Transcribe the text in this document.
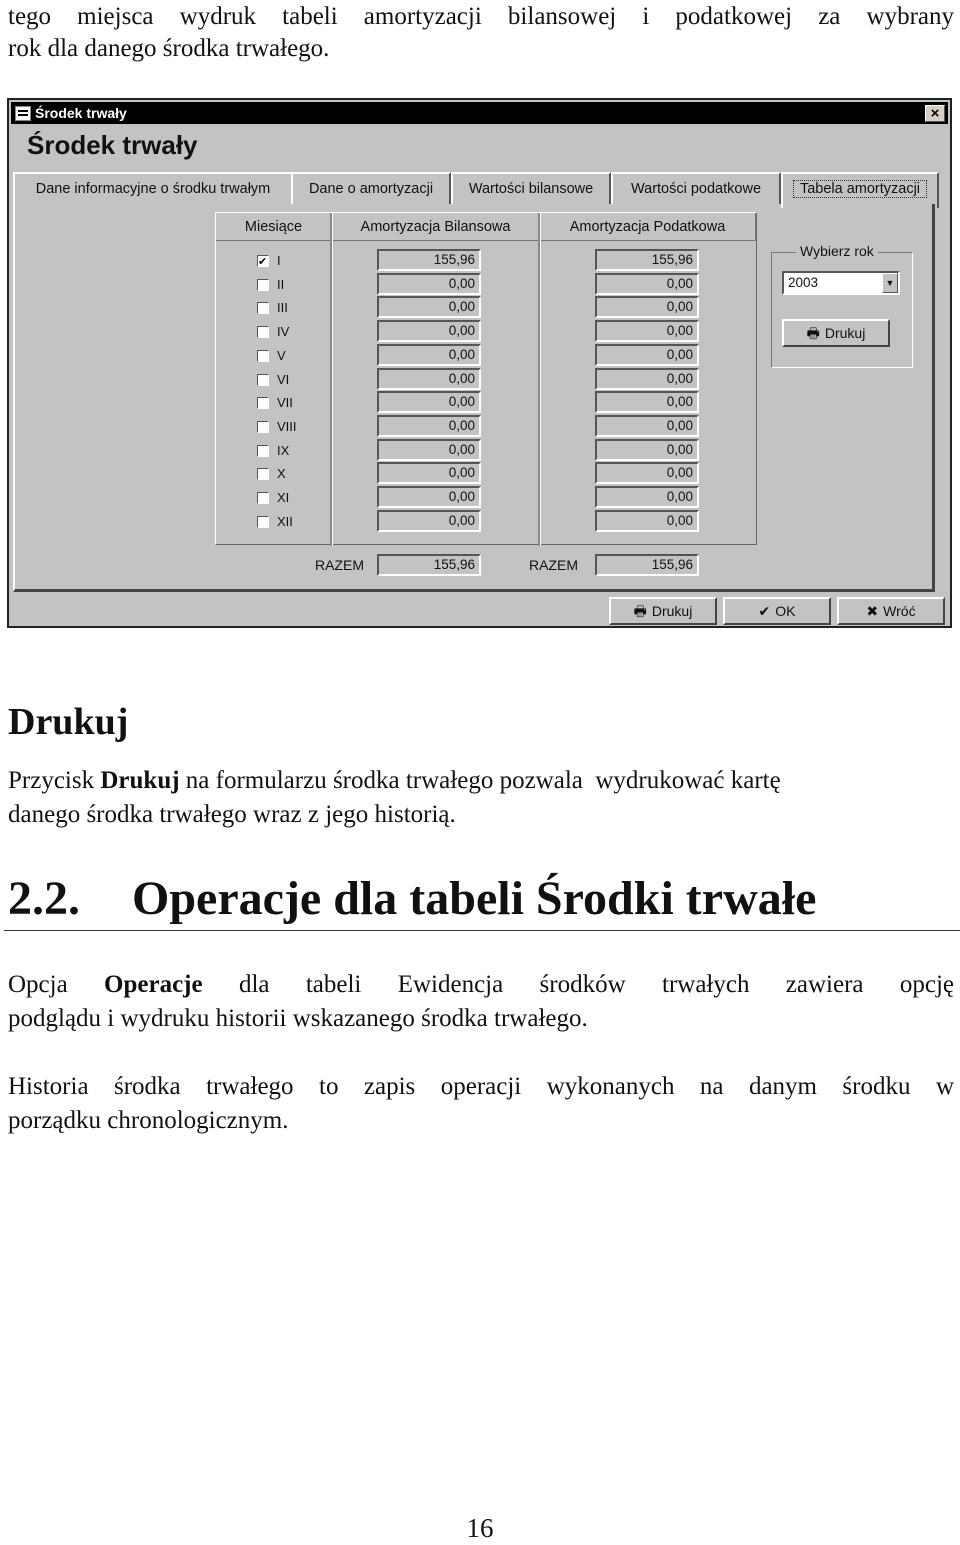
tego miejsca wydruk tabeli amortyzacji bilansowej i podatkowej za wybrany

rok dla danego środka trwałego.

Środek trwały	×
Środek trwały
Dane informacyjne o środku trwałym	Dane o amortyzacji	Wartości bilansowe	Wartości podatkowe	Tabela amortyzacji
Miesiące	Amortyzacja Bilansowa	Amortyzacja Podatkowa
✔
I	155,96	155,96
II	0,00	0,00
III	0,00	0,00
IV	0,00	0,00
V	0,00	0,00
VI	0,00	0,00
VII	0,00	0,00
VIII	0,00	0,00
IX	0,00	0,00
X	0,00	0,00
XI	0,00	0,00
XII	0,00	0,00
RAZEM	155,96	RAZEM	155,96
Wybierz rok
2003	▼
🖶 Drukuj
🖶 Drukuj	✔ OK	✖ Wróć
Drukuj

Przycisk Drukuj na formularzu środka trwałego pozwala  wydrukować kartę

danego środka trwałego wraz z jego historią.

2.2. Operacje dla tabeli Środki trwałe

Opcja Operacje dla tabeli Ewidencja środków trwałych zawiera opcję

podglądu i wydruku historii wskazanego środka trwałego.

Historia środka trwałego to zapis operacji wykonanych na danym środku w

porządku chronologicznym.

16
